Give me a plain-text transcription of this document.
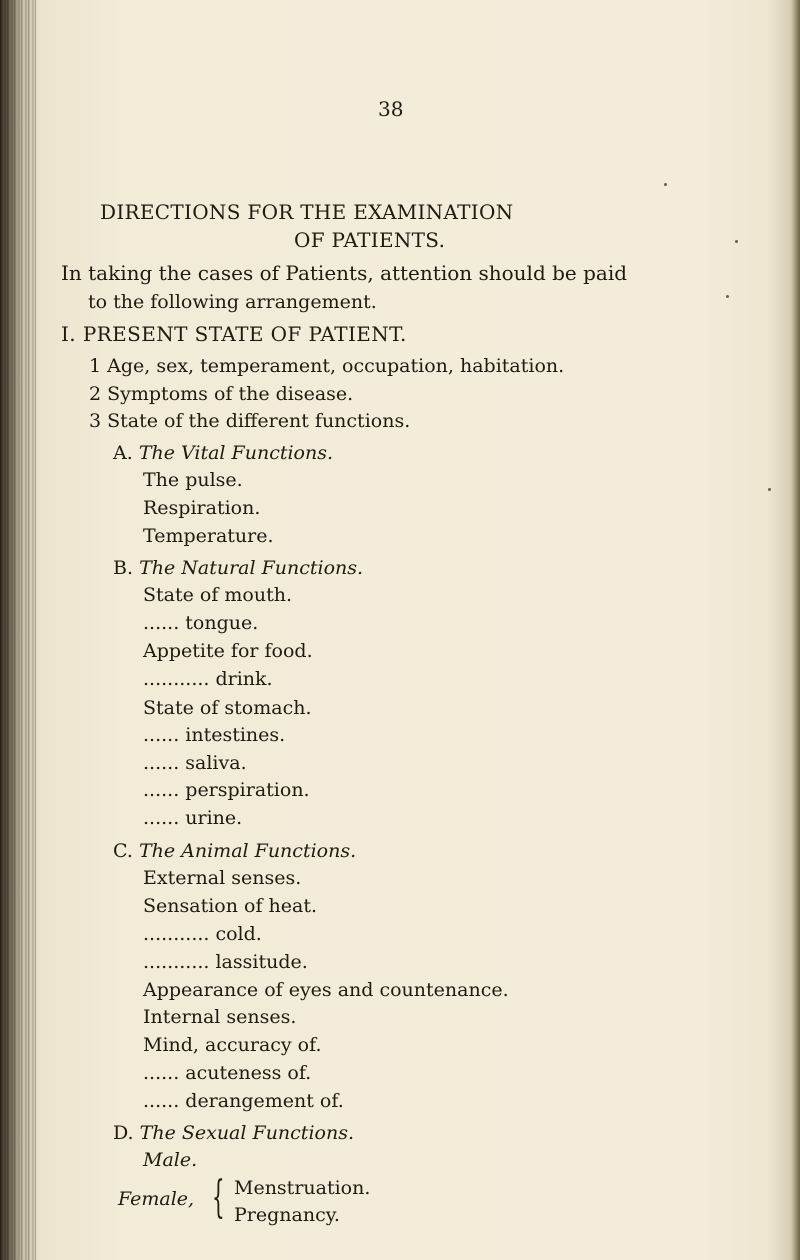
38
DIRECTIONS FOR THE EXAMINATION
OF PATIENTS.
In taking the cases of Patients, attention should be paid
to the following arrangement.
I. PRESENT STATE OF PATIENT.
1 Age, sex, temperament, occupation, habitation.
2 Symptoms of the disease.
3 State of the different functions.
A. The Vital Functions.
The pulse.
Respiration.
Temperature.
B. The Natural Functions.
State of mouth.
...... tongue.
Appetite for food.
........... drink.
State of stomach.
...... intestines.
...... saliva.
...... perspiration.
...... urine.
C. The Animal Functions.
External senses.
Sensation of heat.
........... cold.
........... lassitude.
Appearance of eyes and countenance.
Internal senses.
Mind, accuracy of.
...... acuteness of.
...... derangement of.
D. The Sexual Functions.
Male.
Female, { Menstruation.
Pregnancy.
